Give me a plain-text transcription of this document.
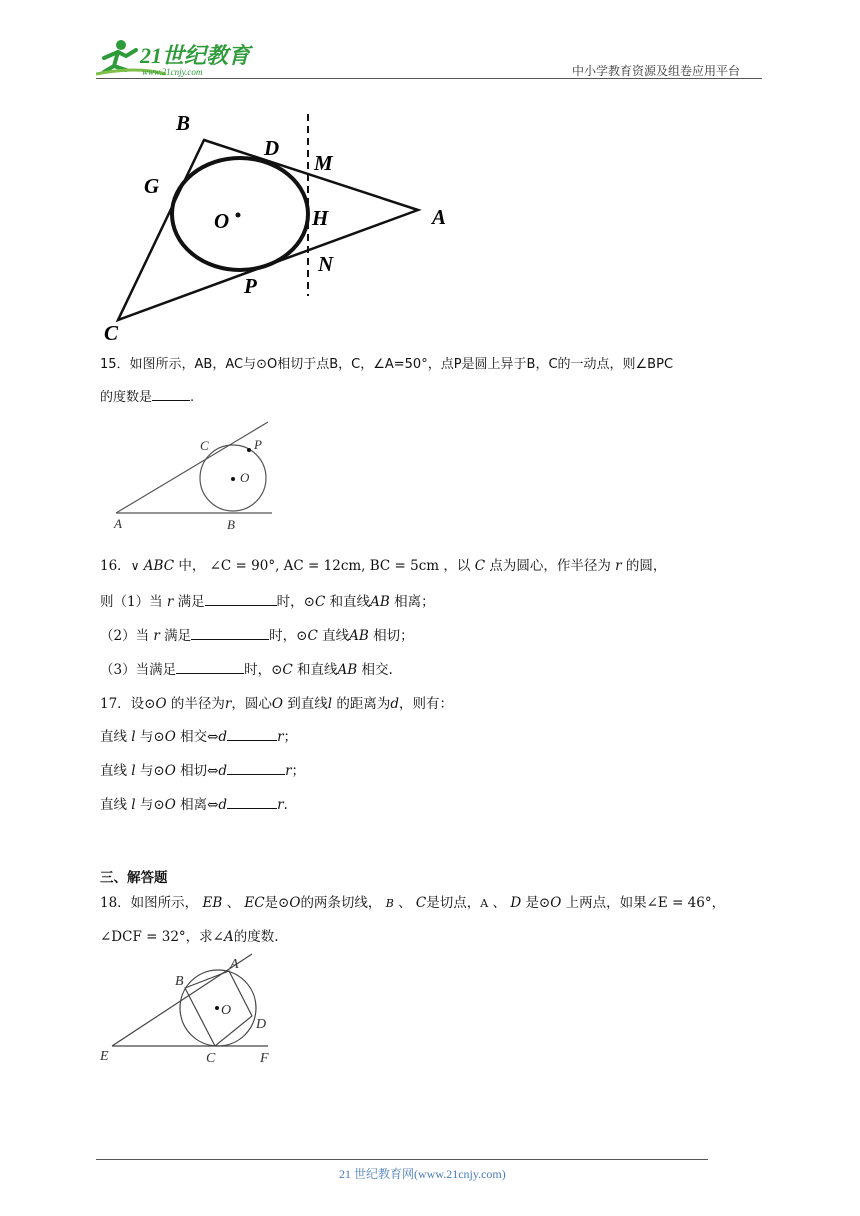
21世纪教育
www.21cnjy.com	中小学教育资源及组卷应用平台
B
D
M
G
O	H	A
N
P
C
15．如图所示，AB，AC与⊙O相切于点B，C，∠A=50°，点P是圆上异于B，C的一动点，则∠BPC
的度数是	.
C	P
O
A	B
16．∨ ABC 中， ∠C = 90°, AC = 12cm, BC = 5cm ，以 C 点为圆心，作半径为 r 的圆，
则（1）当 r 满足	时，⊙C 和直线AB 相离；
（2）当 r 满足	时，⊙C 直线AB 相切；
（3）当满足	时，⊙C 和直线AB 相交.
17．设⊙O 的半径为r，圆心O 到直线l 的距离为d，则有：
直线 l 与⊙O 相交⇔d	r；
直线 l 与⊙O 相切⇔d	r；
直线 l 与⊙O 相离⇔d	r.
三、解答题
18．如图所示， EB 、 EC是⊙O的两条切线， B 、 C是切点，A 、 D 是⊙O 上两点，如果∠E = 46°，
∠DCF = 32°，求∠A的度数.
A
B
O
D
E	C	F
21 世纪教育网(www.21cnjy.com)
